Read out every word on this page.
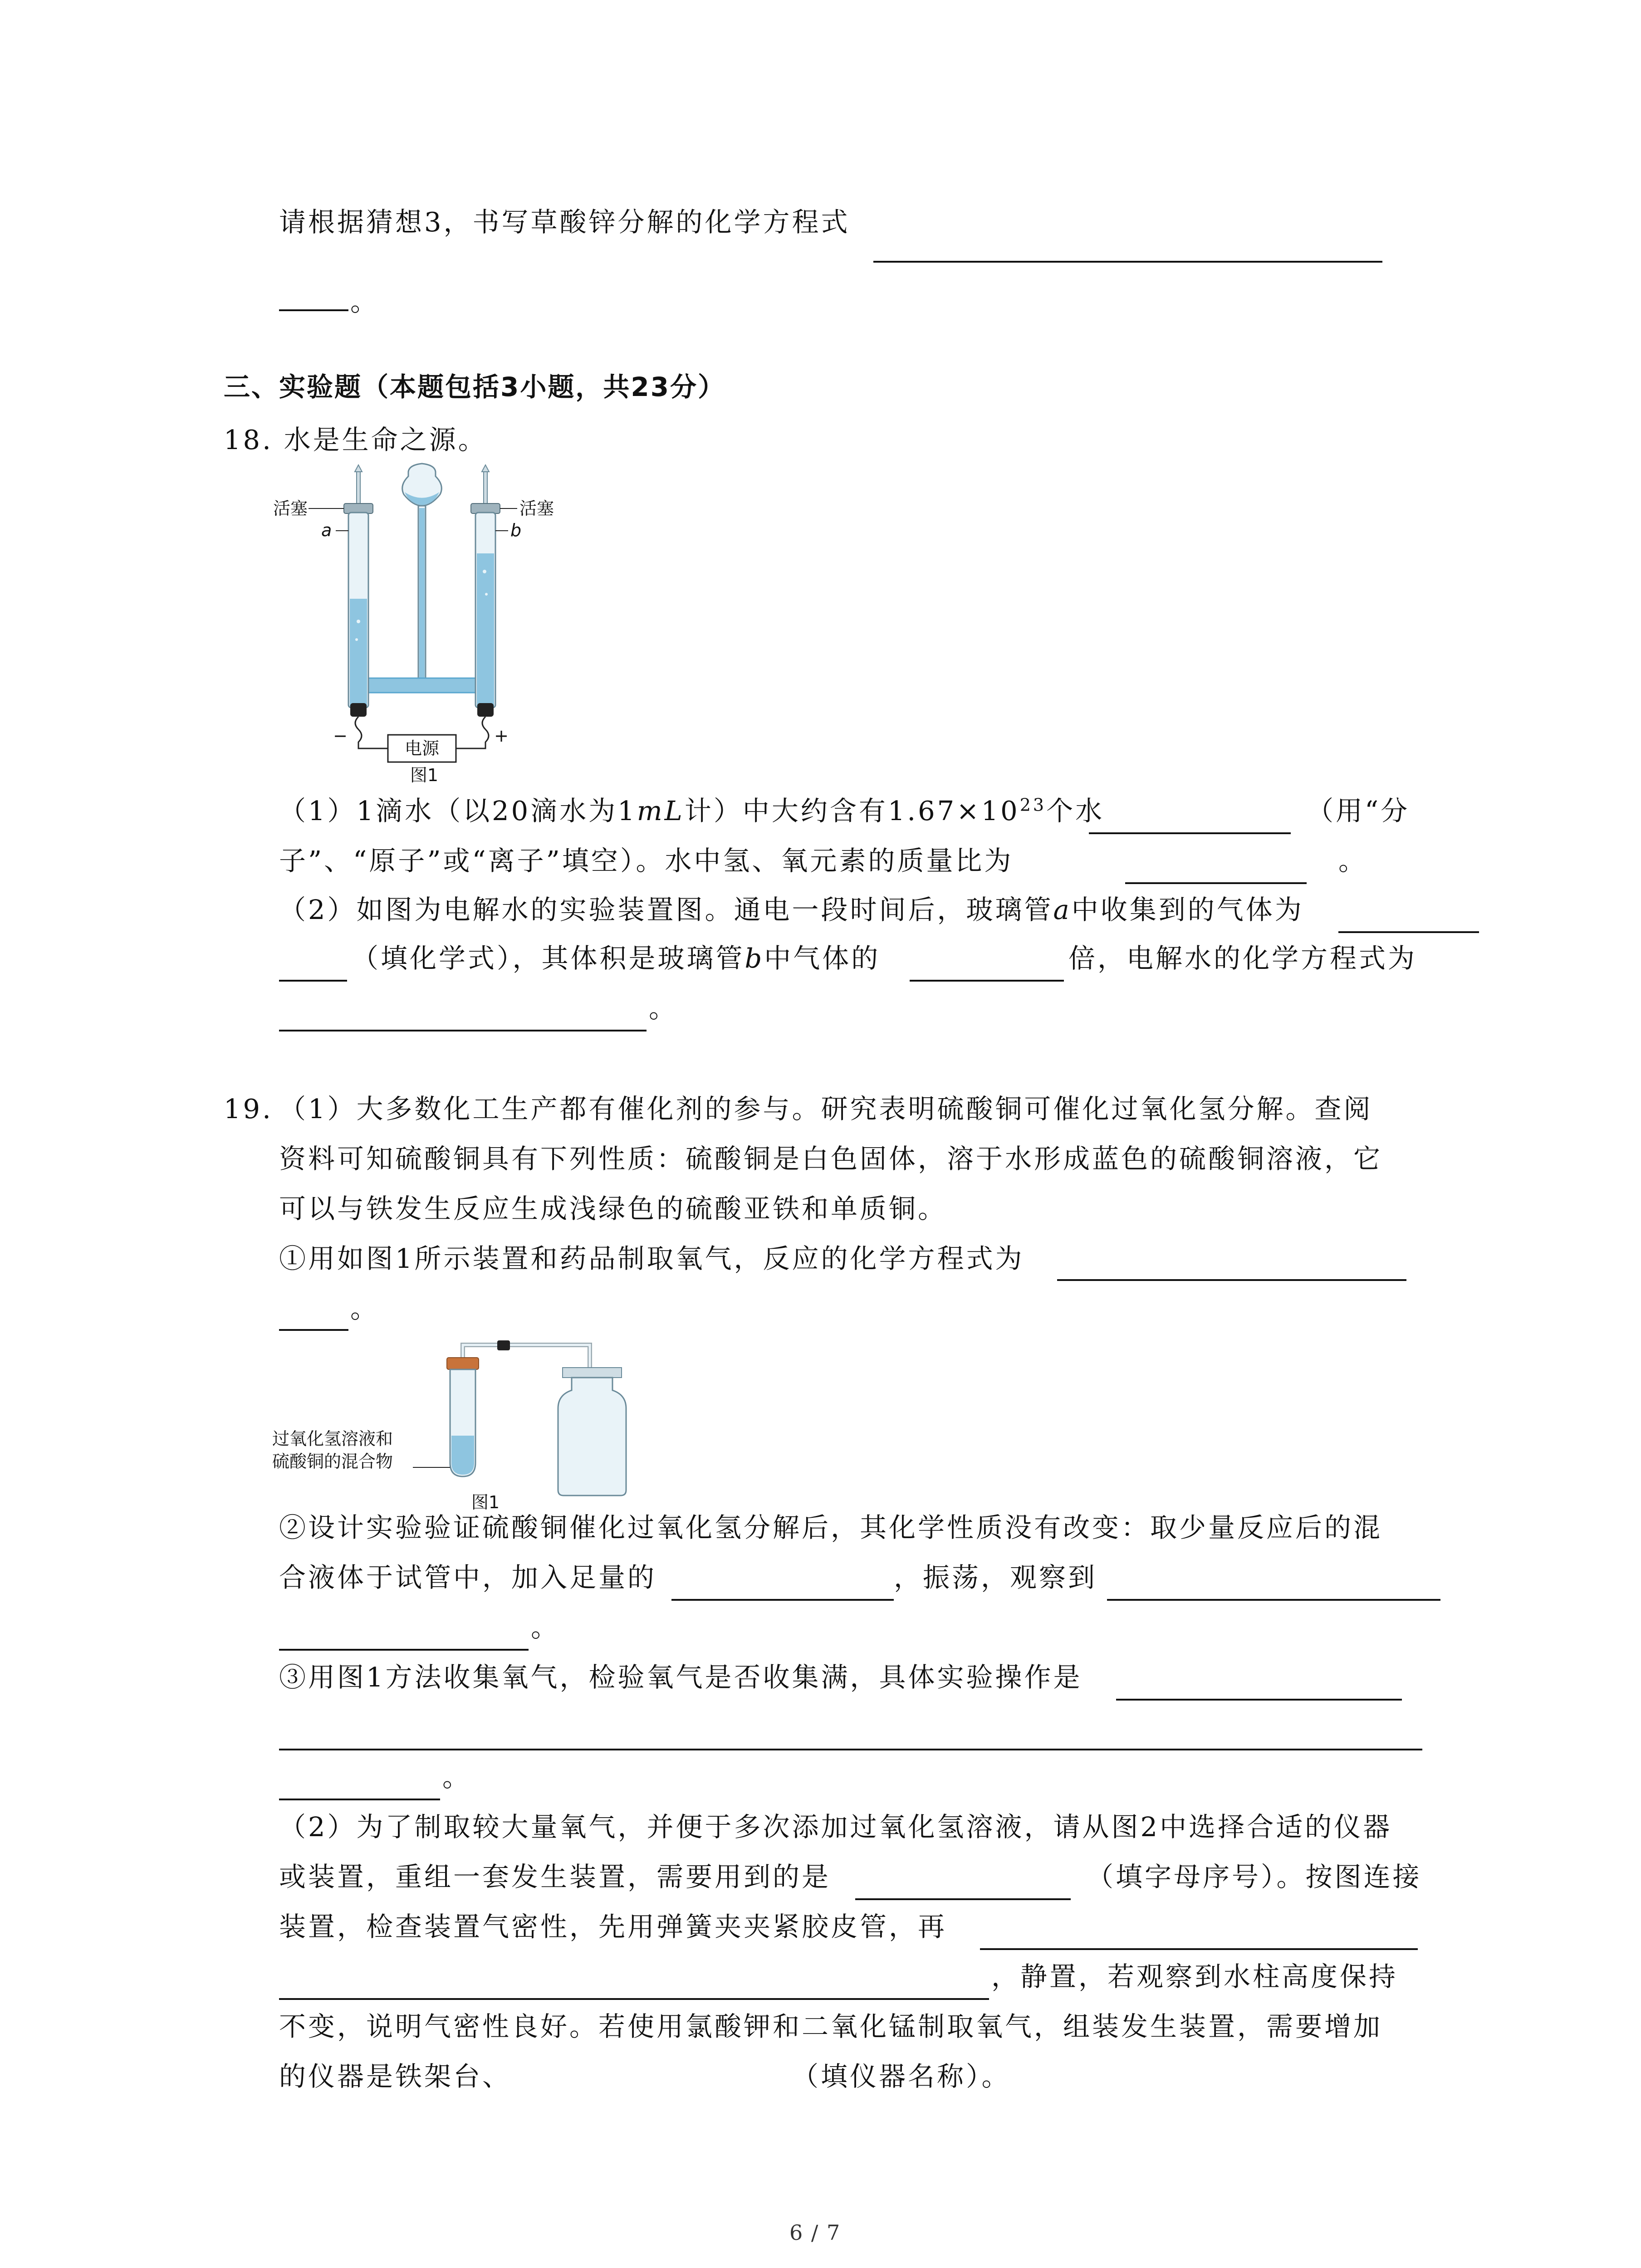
请根据猜想3，书写草酸锌分解的化学方程式
。
三、实验题（本题包括3小题，共23分）
18. 水是生命之源。
电源
−	+
活塞	活塞
a	b
图1
（1）1滴水（以20滴水为1mL计）中大约含有$1.67\times 10^{23}$个水	（用“分
子”、“原子”或“离子”填空）。水中氢、氧元素的质量比为	。
（2）如图为电解水的实验装置图。通电一段时间后，玻璃管a中收集到的气体为
（填化学式），其体积是玻璃管b中气体的	倍，电解水的化学方程式为
。
19. （1）大多数化工生产都有催化剂的参与。研究表明硫酸铜可催化过氧化氢分解。查阅
资料可知硫酸铜具有下列性质：硫酸铜是白色固体，溶于水形成蓝色的硫酸铜溶液，它
可以与铁发生反应生成浅绿色的硫酸亚铁和单质铜。
①用如图1所示装置和药品制取氧气，反应的化学方程式为
。
过氧化氢溶液和
硫酸铜的混合物
图1
②设计实验验证硫酸铜催化过氧化氢分解后，其化学性质没有改变：取少量反应后的混
合液体于试管中，加入足量的	，振荡，观察到
。
③用图1方法收集氧气，检验氧气是否收集满，具体实验操作是
。
（2）为了制取较大量氧气，并便于多次添加过氧化氢溶液，请从图2中选择合适的仪器
或装置，重组一套发生装置，需要用到的是	（填字母序号）。按图连接
装置，检查装置气密性，先用弹簧夹夹紧胶皮管，再
，静置，若观察到水柱高度保持
不变，说明气密性良好。若使用氯酸钾和二氧化锰制取氧气，组装发生装置，需要增加
的仪器是铁架台、	（填仪器名称）。
6 / 7
